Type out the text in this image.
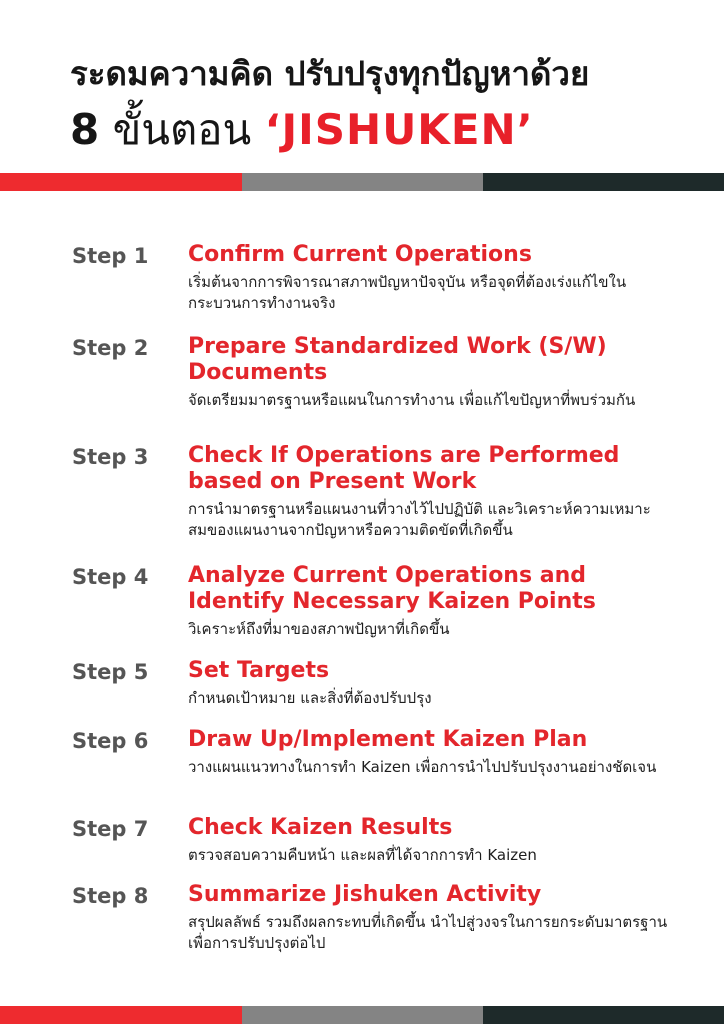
ระดมความคิด ปรับปรุงทุกปัญหาด้วย
8 ขั้นตอน ‘JISHUKEN’
Step 1 Confirm Current Operations

เริ่มต้นจากการพิจารณาสภาพปัญหาปัจจุบัน หรือจุดที่ต้องเร่งแก้ไขในกระบวนการทำงานจริง

Step 2 Prepare Standardized Work (S/W) Documents

จัดเตรียมมาตรฐานหรือแผนในการทำงาน เพื่อแก้ไขปัญหาที่พบร่วมกัน

Step 3 Check If Operations are Performed based on Present Work

การนำมาตรฐานหรือแผนงานที่วางไว้ไปปฏิบัติ และวิเคราะห์ความเหมาะสมของแผนงานจากปัญหาหรือความติดขัดที่เกิดขึ้น

Step 4 Analyze Current Operations and Identify Necessary Kaizen Points

วิเคราะห์ถึงที่มาของสภาพปัญหาที่เกิดขึ้น

Step 5 Set Targets

กำหนดเป้าหมาย และสิ่งที่ต้องปรับปรุง

Step 6 Draw Up/Implement Kaizen Plan

วางแผนแนวทางในการทำ Kaizen เพื่อการนำไปปรับปรุงงานอย่างชัดเจน

Step 7 Check Kaizen Results

ตรวจสอบความคืบหน้า และผลที่ได้จากการทำ Kaizen

Step 8 Summarize Jishuken Activity

สรุปผลลัพธ์ รวมถึงผลกระทบที่เกิดขึ้น นำไปสู่วงจรในการยกระดับมาตรฐานเพื่อการปรับปรุงต่อไป
